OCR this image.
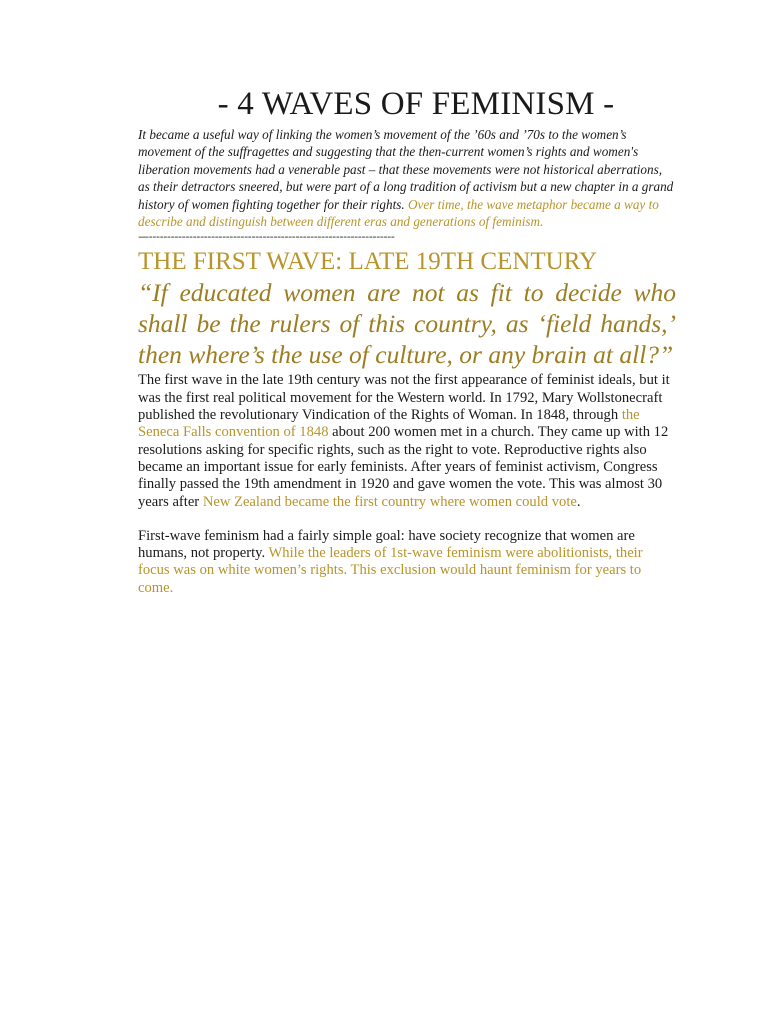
- 4 WAVES OF FEMINISM -

It became a useful way of linking the women’s movement of the ’60s and ’70s to the women’s movement of the suffragettes and suggesting that the then-current women’s rights and women's liberation movements had a venerable past – that these movements were not historical aberrations, as their detractors sneered, but were part of a long tradition of activism but a new chapter in a grand history of women fighting together for their rights. Over time, the wave metaphor became a way to describe and distinguish between different eras and generations of feminism.

—-------------------------------------------------------------------
THE FIRST WAVE: LATE 19TH CENTURY

“If educated women are not as fit to decide who shall be the rulers of this country, as ‘field hands,’ then where’s the use of culture, or any brain at all?”

The first wave in the late 19th century was not the first appearance of feminist ideals, but it was the first real political movement for the Western world. In 1792, Mary Wollstonecraft published the revolutionary Vindication of the Rights of Woman. In 1848, through the Seneca Falls convention of 1848 about 200 women met in a church. They came up with 12 resolutions asking for specific rights, such as the right to vote. Reproductive rights also became an important issue for early feminists. After years of feminist activism, Congress finally passed the 19th amendment in 1920 and gave women the vote. This was almost 30 years after New Zealand became the first country where women could vote.

First-wave feminism had a fairly simple goal: have society recognize that women are humans, not property. While the leaders of 1st-wave feminism were abolitionists, their focus was on white women’s rights. This exclusion would haunt feminism for years to come.
